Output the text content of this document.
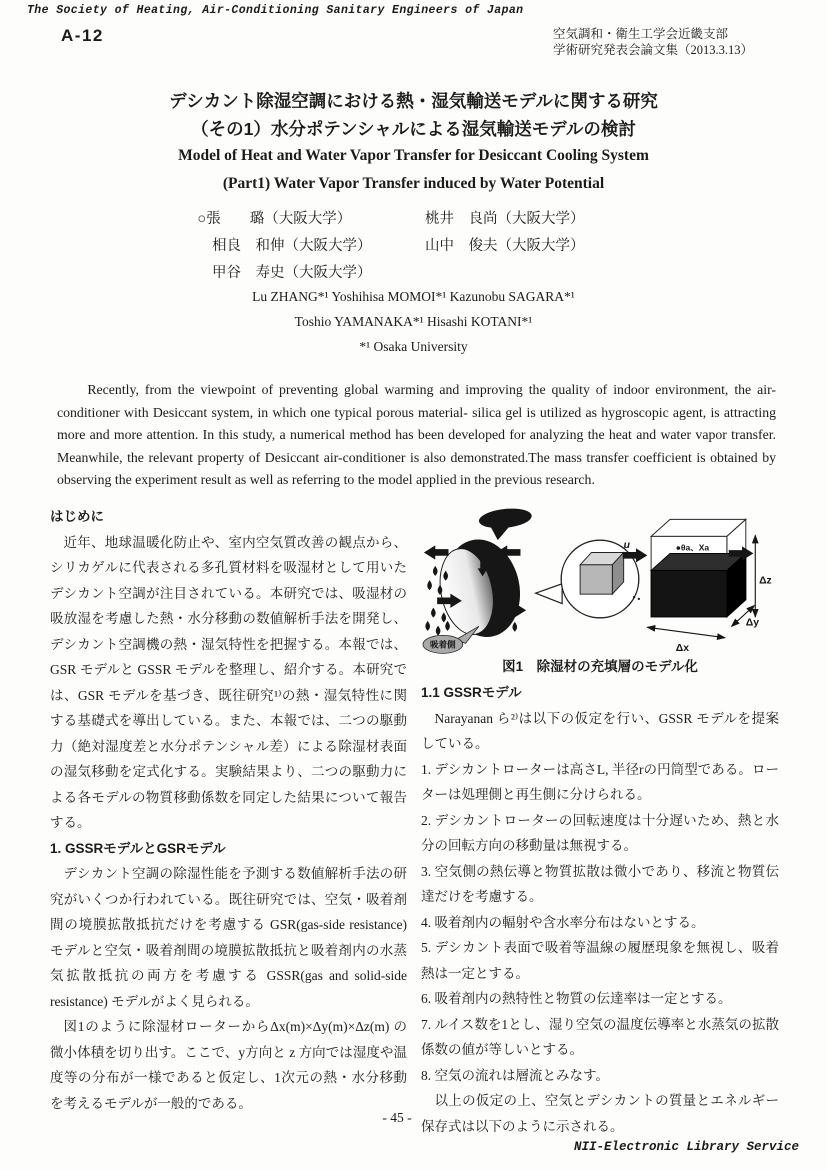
The Society of Heating, Air-Conditioning Sanitary Engineers of Japan
A-12	空気調和・衛生工学会近畿支部
学術研究発表会論文集（2013.3.13）
デシカント除湿空調における熱・湿気輸送モデルに関する研究
（その1）水分ポテンシャルによる湿気輸送モデルの検討
Model of Heat and Water Vapor Transfer for Desiccant Cooling System
(Part1) Water Vapor Transfer induced by Water Potential
○張　　璐（大阪大学）	桃井　良尚（大阪大学）
相良　和伸（大阪大学）	山中　俊夫（大阪大学）
甲谷　寿史（大阪大学）
Lu ZHANG*¹ Yoshihisa MOMOI*¹ Kazunobu SAGARA*¹
Toshio YAMANAKA*¹ Hisashi KOTANI*¹
*¹ Osaka University

Recently, from the viewpoint of preventing global warming and improving the quality of indoor environment, the air-conditioner with Desiccant system, in which one typical porous material- silica gel is utilized as hygroscopic agent, is attracting more and more attention. In this study, a numerical method has been developed for analyzing the heat and water vapor transfer. Meanwhile, the relevant property of Desiccant air-conditioner is also demonstrated.The mass transfer coefficient is obtained by observing the experiment result as well as referring to the model applied in the previous research.

はじめに

近年、地球温暖化防止や、室内空気質改善の観点から、シリカゲルに代表される多孔質材料を吸湿材として用いたデシカント空調が注目されている。本研究では、吸湿材の吸放湿を考慮した熱・水分移動の数値解析手法を開発し、デシカント空調機の熱・湿気特性を把握する。本報では、GSR モデルと GSSR モデルを整理し、紹介する。本研究では、GSR モデルを基づき、既往研究¹⁾の熱・湿気特性に関する基礎式を導出している。また、本報では、二つの駆動力（絶対湿度差と水分ポテンシャル差）による除湿材表面の湿気移動を定式化する。実験結果より、二つの駆動力による各モデルの物質移動係数を同定した結果について報告する。

1. GSSRモデルとGSRモデル

デシカント空調の除湿性能を予測する数値解析手法の研究がいくつか行われている。既往研究では、空気・吸着剤間の境膜拡散抵抗だけを考慮する GSR(gas-side resistance) モデルと空気・吸着剤間の境膜拡散抵抗と吸着剤内の水蒸気拡散抵抗の両方を考慮する GSSR(gas and solid-side resistance) モデルがよく見られる。

図1のように除湿材ローターからΔx(m)×Δy(m)×Δz(m) の微小体積を切り出す。ここで、y方向と z 方向では湿度や温度等の分布が一様であると仮定し、1次元の熱・水分移動を考えるモデルが一般的である。

吸着側
u	●θa、Xa
Δz
Δx
Δy
図1　除湿材の充填層のモデル化
1.1 GSSRモデル

Narayanan ら²⁾は以下の仮定を行い、GSSR モデルを提案している。

1. デシカントローターは高さL, 半径rの円筒型である。ローターは処理側と再生側に分けられる。

2. デシカントローターの回転速度は十分遅いため、熱と水分の回転方向の移動量は無視する。

3. 空気側の熱伝導と物質拡散は微小であり、移流と物質伝達だけを考慮する。

4. 吸着剤内の輻射や含水率分布はないとする。

5. デシカント表面で吸着等温線の履歴現象を無視し、吸着熱は一定とする。

6. 吸着剤内の熱特性と物質の伝達率は一定とする。

7. ルイス数を1とし、湿り空気の温度伝導率と水蒸気の拡散係数の値が等しいとする。

8. 空気の流れは層流とみなす。

以上の仮定の上、空気とデシカントの質量とエネルギー保存式は以下のように示される。

- 45 -
NII-Electronic Library Service
